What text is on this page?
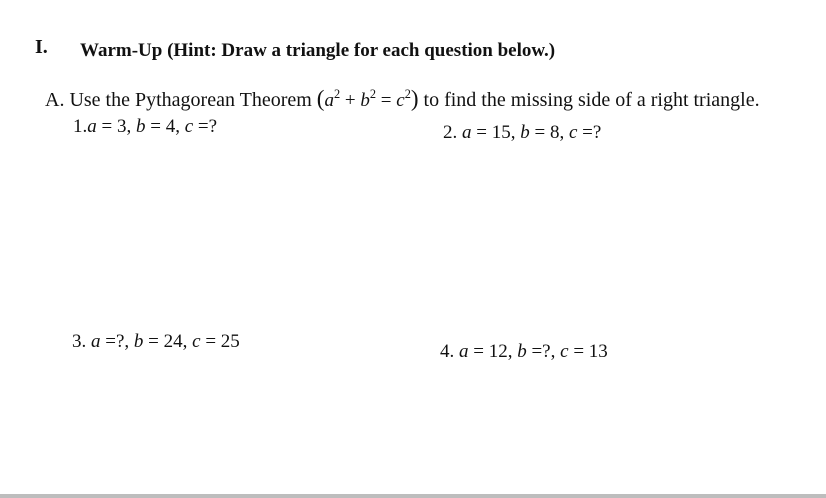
I. Warm-Up (Hint: Draw a triangle for each question below.)
A. Use the Pythagorean Theorem $(a^2 + b^2 = c^2)$ to find the missing side of a right triangle.
1.a = 3, b = 4, c =?	2. a = 15, b = 8, c =?
3. a =?, b = 24, c = 25	4. a = 12, b =?, c = 13
